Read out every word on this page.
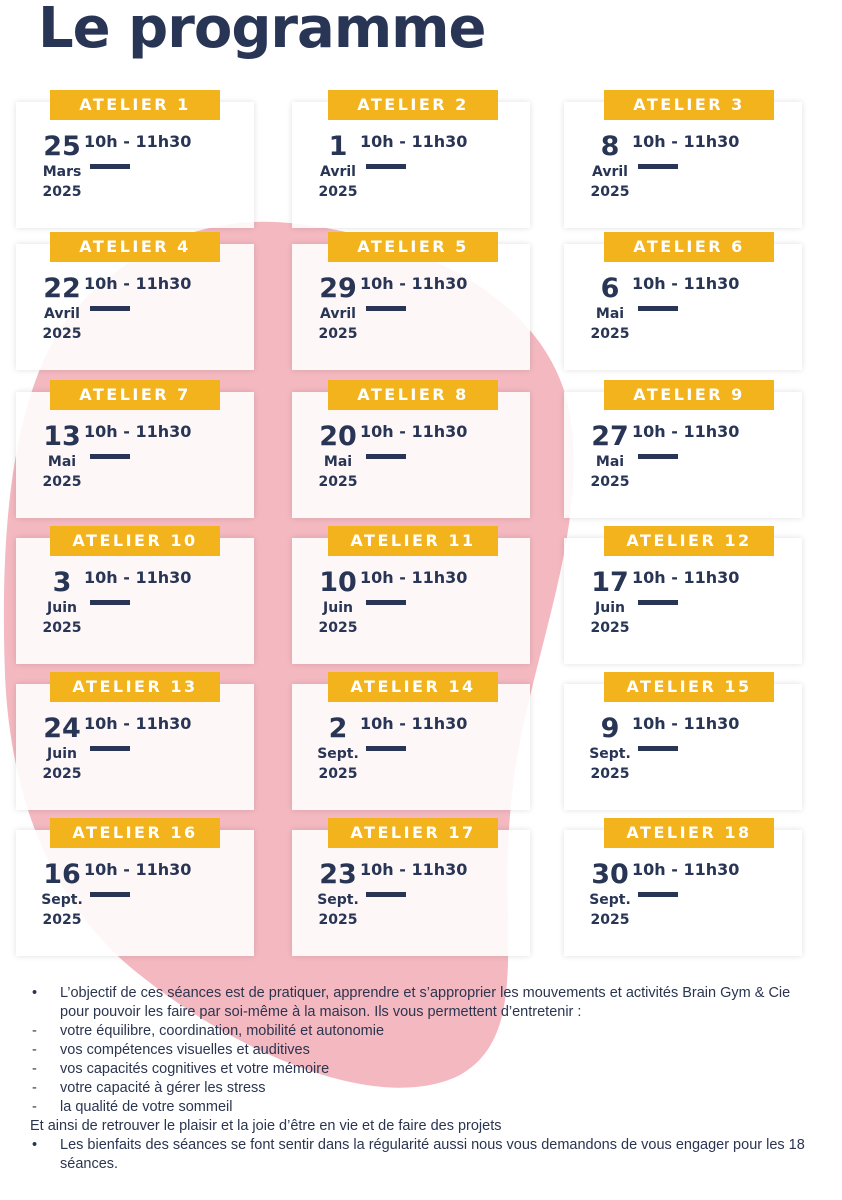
Le programme
ATELIER 1
25
Mars
2025
10h - 11h30
ATELIER 2
1
Avril
2025
10h - 11h30
ATELIER 3
8
Avril
2025
10h - 11h30
ATELIER 4
22
Avril
2025
10h - 11h30
ATELIER 5
29
Avril
2025
10h - 11h30
ATELIER 6
6
Mai
2025
10h - 11h30
ATELIER 7
13
Mai
2025
10h - 11h30
ATELIER 8
20
Mai
2025
10h - 11h30
ATELIER 9
27
Mai
2025
10h - 11h30
ATELIER 10
3
Juin
2025
10h - 11h30
ATELIER 11
10
Juin
2025
10h - 11h30
ATELIER 12
17
Juin
2025
10h - 11h30
ATELIER 13
24
Juin
2025
10h - 11h30
ATELIER 14
2
Sept.
2025
10h - 11h30
ATELIER 15
9
Sept.
2025
10h - 11h30
ATELIER 16
16
Sept.
2025
10h - 11h30
ATELIER 17
23
Sept.
2025
10h - 11h30
ATELIER 18
30
Sept.
2025
10h - 11h30
• L’objectif de ces séances est de pratiquer, apprendre et s’approprier les mouvements et activités Brain Gym & Cie pour pouvoir les faire par soi-même à la maison. Ils vous permettent d’entretenir :
- votre équilibre, coordination, mobilité et autonomie
- vos compétences visuelles et auditives
- vos capacités cognitives et votre mémoire
- votre capacité à gérer les stress
- la qualité de votre sommeil
Et ainsi de retrouver le plaisir et la joie d’être en vie et de faire des projets
• Les bienfaits des séances se font sentir dans la régularité aussi nous vous demandons de vous engager pour les 18 séances.
